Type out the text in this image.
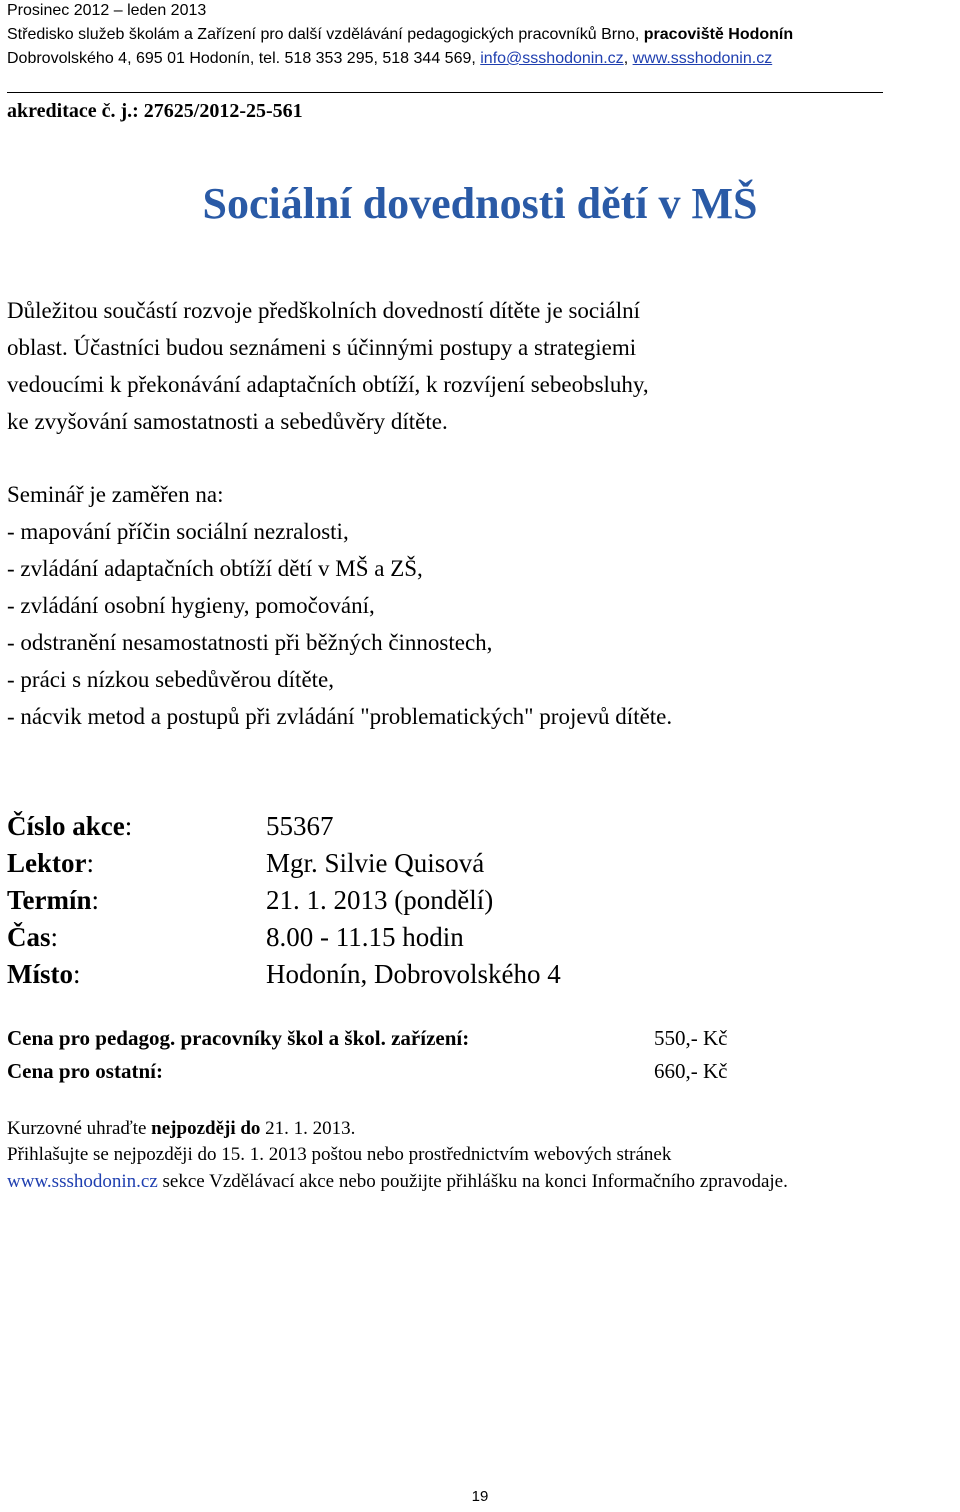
Prosinec 2012 – leden 2013
Středisko služeb školám a Zařízení pro další vzdělávání pedagogických pracovníků Brno, pracoviště Hodonín
Dobrovolského 4, 695 01 Hodonín, tel. 518 353 295, 518 344 569, info@ssshodonin.cz, www.ssshodonin.cz
akreditace č. j.: 27625/2012-25-561
Sociální dovednosti dětí v MŠ
Důležitou součástí rozvoje předškolních dovedností dítěte je sociální
oblast. Účastníci budou seznámeni s účinnými postupy a strategiemi
vedoucími k překonávání adaptačních obtíží, k rozvíjení sebeobsluhy,
ke zvyšování samostatnosti a sebedůvěry dítěte.
Seminář je zaměřen na:
- mapování příčin sociální nezralosti,
- zvládání adaptačních obtíží dětí v MŠ a ZŠ,
- zvládání osobní hygieny, pomočování,
- odstranění nesamostatnosti při běžných činnostech,
- práci s nízkou sebedůvěrou dítěte,
- nácvik metod a postupů při zvládání "problematických" projevů dítěte.
Číslo akce:	55367
Lektor:	Mgr. Silvie Quisová
Termín:	21. 1. 2013 (pondělí)
Čas:	8.00 - 11.15 hodin
Místo:	Hodonín, Dobrovolského 4
Cena pro pedagog. pracovníky škol a škol. zařízení:	550,- Kč
Cena pro ostatní:	660,- Kč
Kurzovné uhraďte nejpozději do 21. 1. 2013.
Přihlašujte se nejpozději do 15. 1. 2013 poštou nebo prostřednictvím webových stránek
www.ssshodonin.cz sekce Vzdělávací akce nebo použijte přihlášku na konci Informačního zpravodaje.
19
